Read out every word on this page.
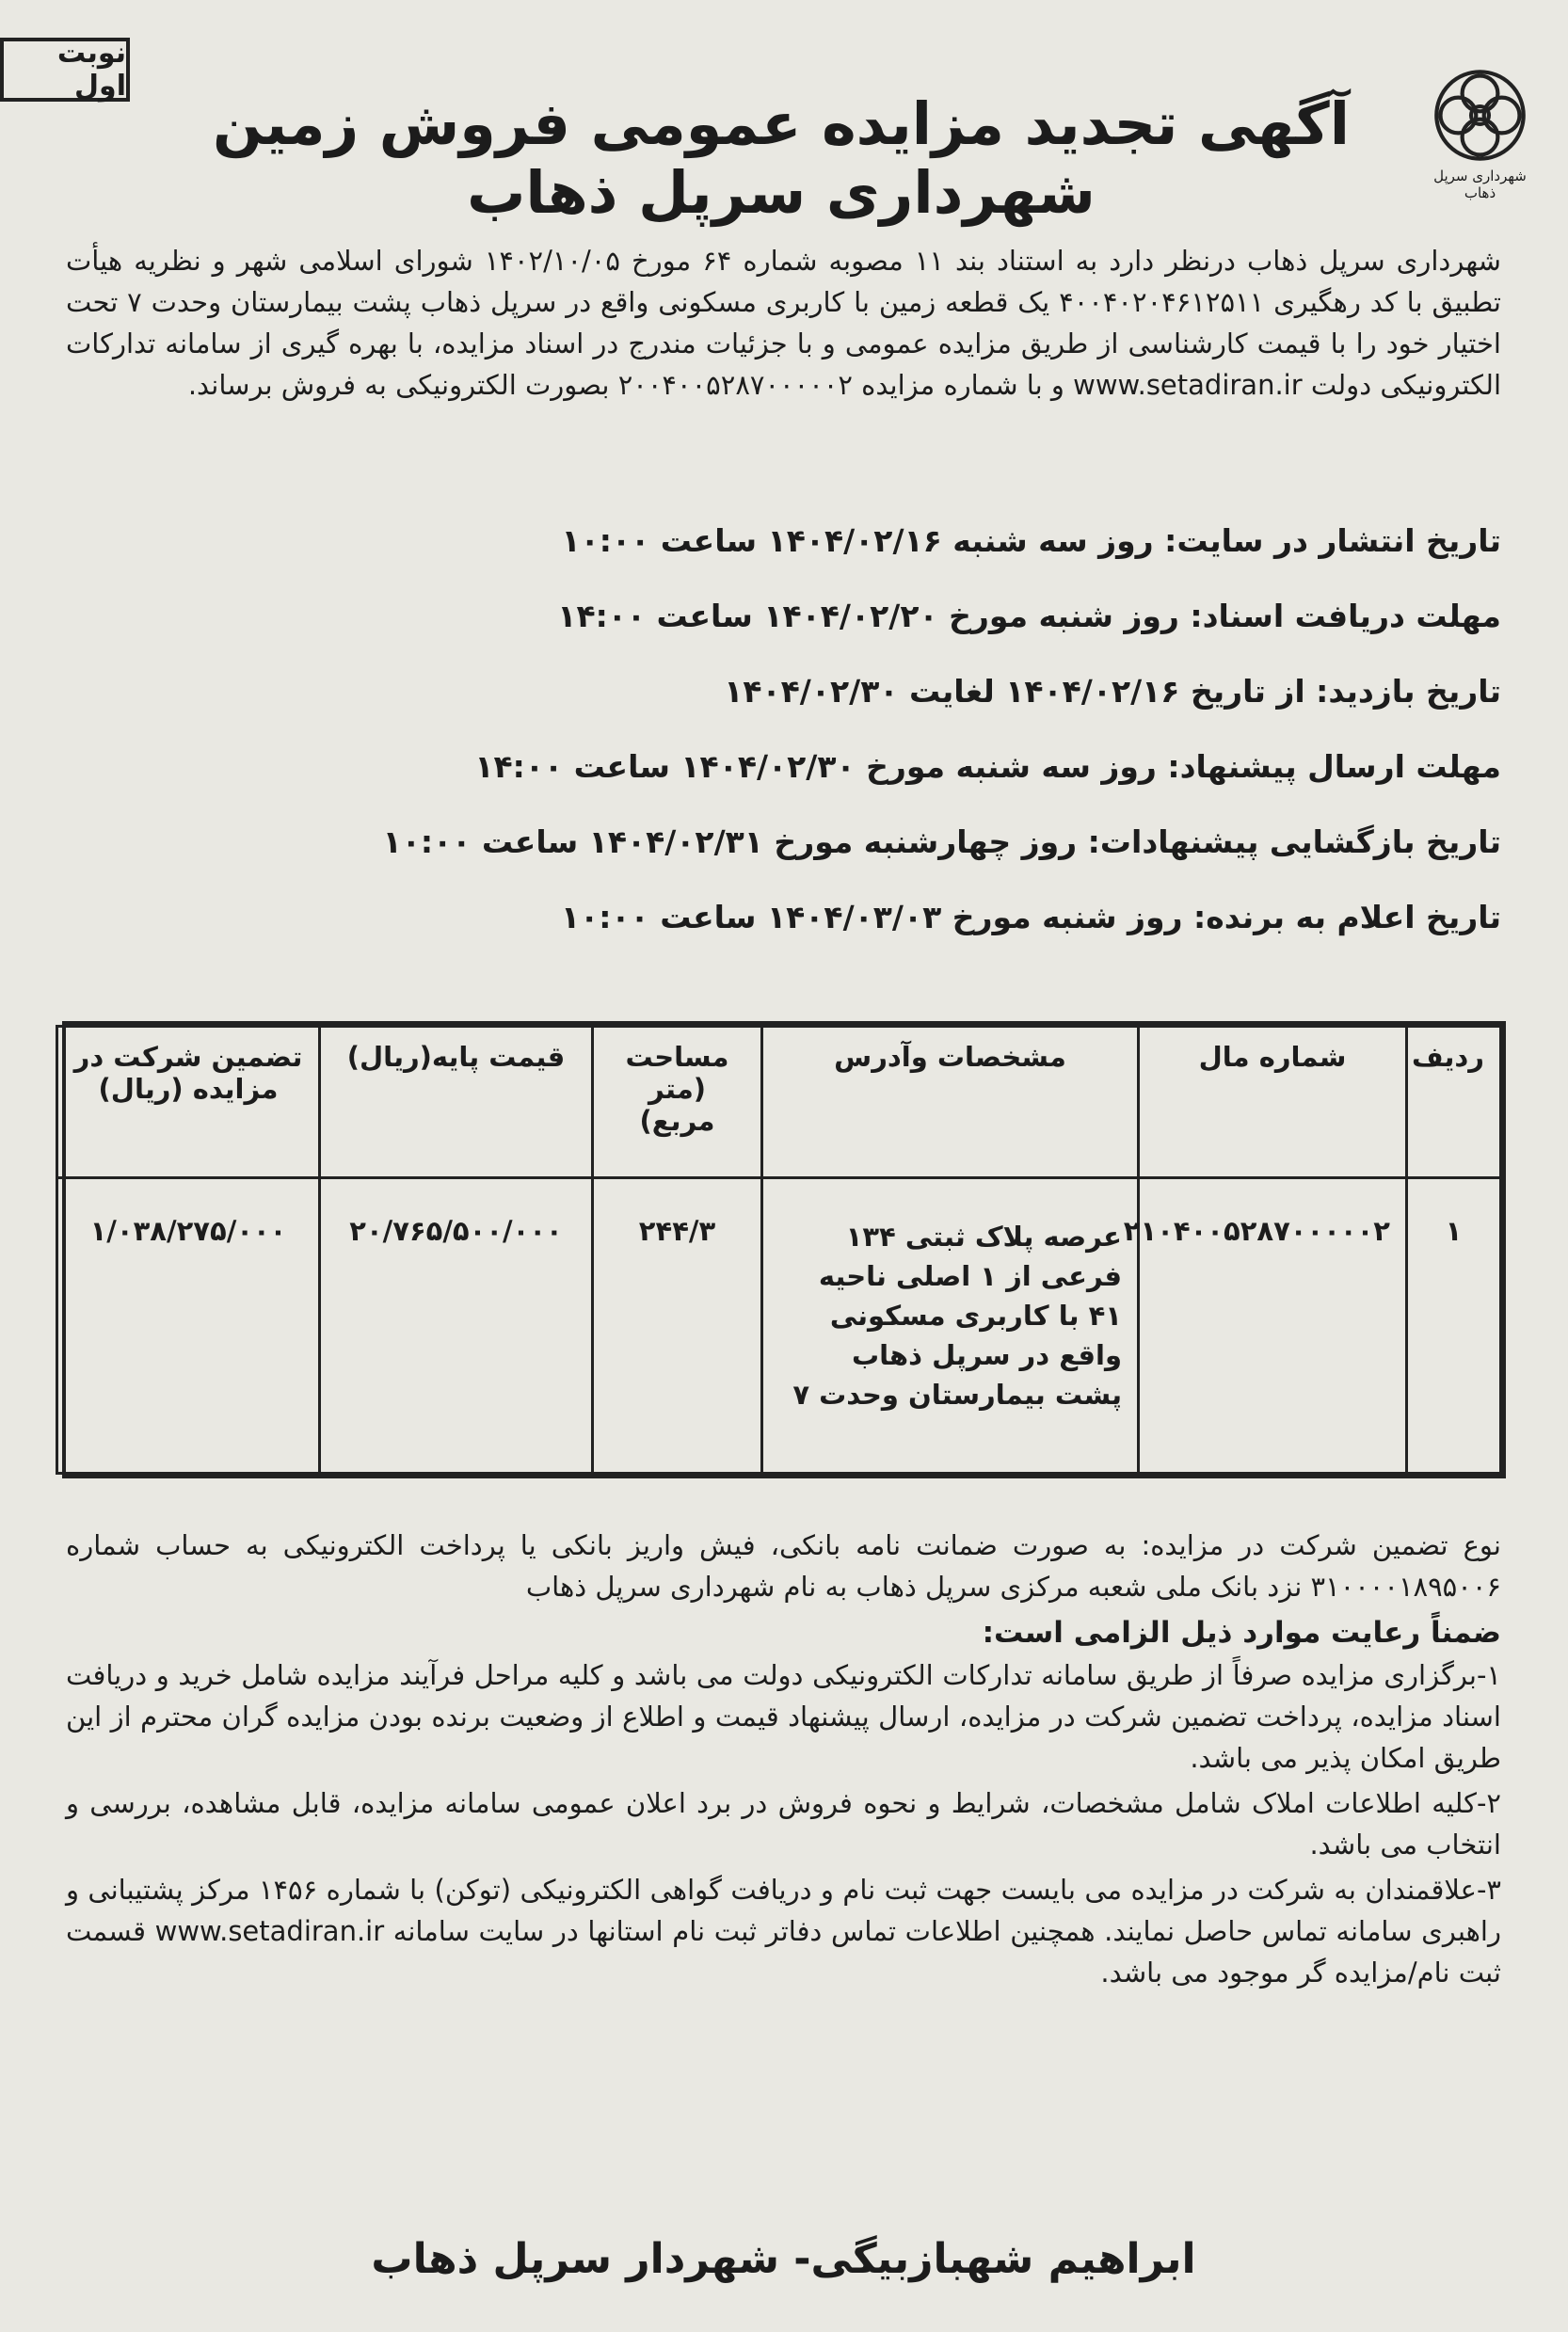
نوبت اول
شهرداری سرپل ذهاب
آگهی تجدید مزایده عمومی فروش زمین شهرداری سرپل ذهاب
شهرداری سرپل ذهاب درنظر دارد به استناد بند ۱۱ مصوبه شماره ۶۴ مورخ ۱۴۰۲/۱۰/۰۵ شورای اسلامی شهر و نظریه هیأت تطبیق با کد رهگیری ۴۰۰۴۰۲۰۴۶۱۲۵۱۱ یک قطعه زمین با کاربری مسکونی واقع در سرپل ذهاب پشت بیمارستان وحدت ۷ تحت اختیار خود را با قیمت کارشناسی از طریق مزایده عمومی و با جزئیات مندرج در اسناد مزایده، با بهره گیری از سامانه تدارکات الکترونیکی دولت www.setadiran.ir و با شماره مزایده ۲۰۰۴۰۰۵۲۸۷۰۰۰۰۰۲ بصورت الکترونیکی به فروش برساند.
تاریخ انتشار در سایت: روز سه شنبه ۱۴۰۴/۰۲/۱۶ ساعت ۱۰:۰۰
مهلت دریافت اسناد: روز شنبه مورخ ۱۴۰۴/۰۲/۲۰ ساعت ۱۴:۰۰
تاریخ بازدید: از تاریخ ۱۴۰۴/۰۲/۱۶ لغایت ۱۴۰۴/۰۲/۳۰
مهلت ارسال پیشنهاد: روز سه شنبه مورخ ۱۴۰۴/۰۲/۳۰ ساعت ۱۴:۰۰
تاریخ بازگشایی پیشنهادات: روز چهارشنبه مورخ ۱۴۰۴/۰۲/۳۱ ساعت ۱۰:۰۰
تاریخ اعلام به برنده: روز شنبه مورخ ۱۴۰۴/۰۳/۰۳ ساعت ۱۰:۰۰
ردیف	شماره مال	مشخصات وآدرس	مساحت (متر مربع)	قیمت پایه(ریال)	تضمین شرکت در مزایده (ریال)
۱	۲۱۰۴۰۰۵۲۸۷۰۰۰۰۰۲	عرصه پلاک ثبتی ۱۳۴ فرعی از ۱ اصلی ناحیه ۴۱ با کاربری مسکونی واقع در سرپل ذهاب پشت بیمارستان وحدت ۷	۲۴۴/۳	۲۰/۷۶۵/۵۰۰/۰۰۰	۱/۰۳۸/۲۷۵/۰۰۰
نوع تضمین شرکت در مزایده: به صورت ضمانت نامه بانکی، فیش واریز بانکی یا پرداخت الکترونیکی به حساب شماره ۳۱۰۰۰۰۱۸۹۵۰۰۶ نزد بانک ملی شعبه مرکزی سرپل ذهاب به نام شهرداری سرپل ذهاب
ضمناً رعایت موارد ذیل الزامی است:
۱-برگزاری مزایده صرفاً از طریق سامانه تدارکات الکترونیکی دولت می باشد و کلیه مراحل فرآیند مزایده شامل خرید و دریافت اسناد مزایده، پرداخت تضمین شرکت در مزایده، ارسال پیشنهاد قیمت و اطلاع از وضعیت برنده بودن مزایده گران محترم از این طریق امکان پذیر می باشد.
۲-کلیه اطلاعات املاک شامل مشخصات، شرایط و نحوه فروش در برد اعلان عمومی سامانه مزایده، قابل مشاهده، بررسی و انتخاب می باشد.
۳-علاقمندان به شرکت در مزایده می بایست جهت ثبت نام و دریافت گواهی الکترونیکی (توکن) با شماره ۱۴۵۶ مرکز پشتیبانی و راهبری سامانه تماس حاصل نمایند. همچنین اطلاعات تماس دفاتر ثبت نام استانها در سایت سامانه www.setadiran.ir قسمت ثبت نام/مزایده گر موجود می باشد.
ابراهیم شهبازبیگی- شهردار سرپل ذهاب
